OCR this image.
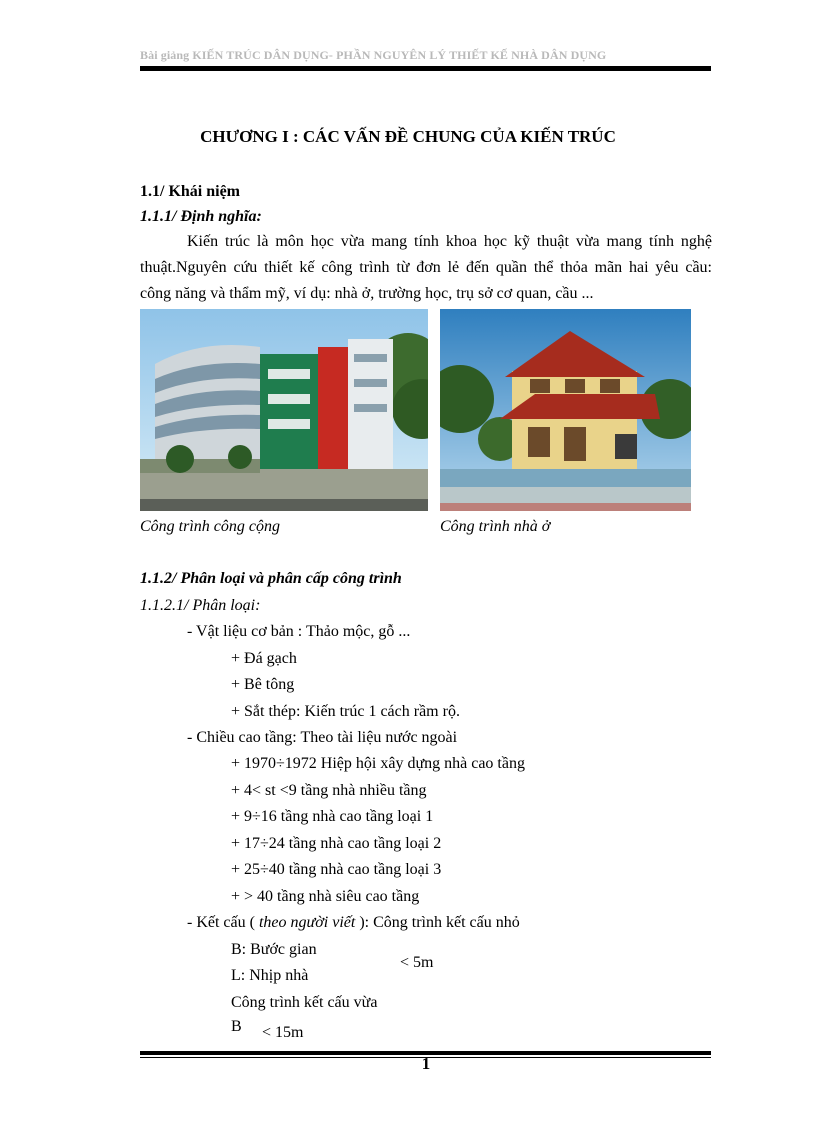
Bài giảng KIẾN TRÚC DÂN DỤNG- PHẦN NGUYÊN LÝ THIẾT KẾ NHÀ DÂN DỤNG
CHƯƠNG I : CÁC VẤN ĐỀ CHUNG CỦA KIẾN TRÚC
1.1/ Khái niệm
1.1.1/ Định nghĩa:
Kiến trúc là môn học vừa mang tính khoa học kỹ thuật vừa mang tính nghệ
thuật.Nguyên cứu thiết kế công trình từ đơn lẻ đến quần thể thỏa mãn hai yêu cầu:
công năng và thẩm mỹ, ví dụ: nhà ở, trường học, trụ sở cơ quan, cầu ...
Công trình công cộng	Công trình nhà ở
1.1.2/ Phân loại và phân cấp công trình
1.1.2.1/ Phân loại:
- Vật liệu cơ bản : Thảo mộc, gỗ ...
+ Đá gạch
+ Bê tông
+ Sắt thép: Kiến trúc 1 cách rầm rộ.
- Chiều cao tầng: Theo tài liệu nước ngoài
+ 1970÷1972 Hiệp hội xây dựng nhà cao tầng
+ 4< st <9 tầng nhà nhiều tầng
+ 9÷16 tầng nhà cao tầng loại 1
+ 17÷24 tầng nhà cao tầng loại 2
+ 25÷40 tầng nhà cao tầng loại 3
+ > 40 tầng nhà siêu cao tầng
- Kết cấu ( theo người viết ): Công trình kết cấu nhỏ
B: Bước gian
< 5m
L: Nhịp nhà
Công trình kết cấu vừa
B < 15m
1
